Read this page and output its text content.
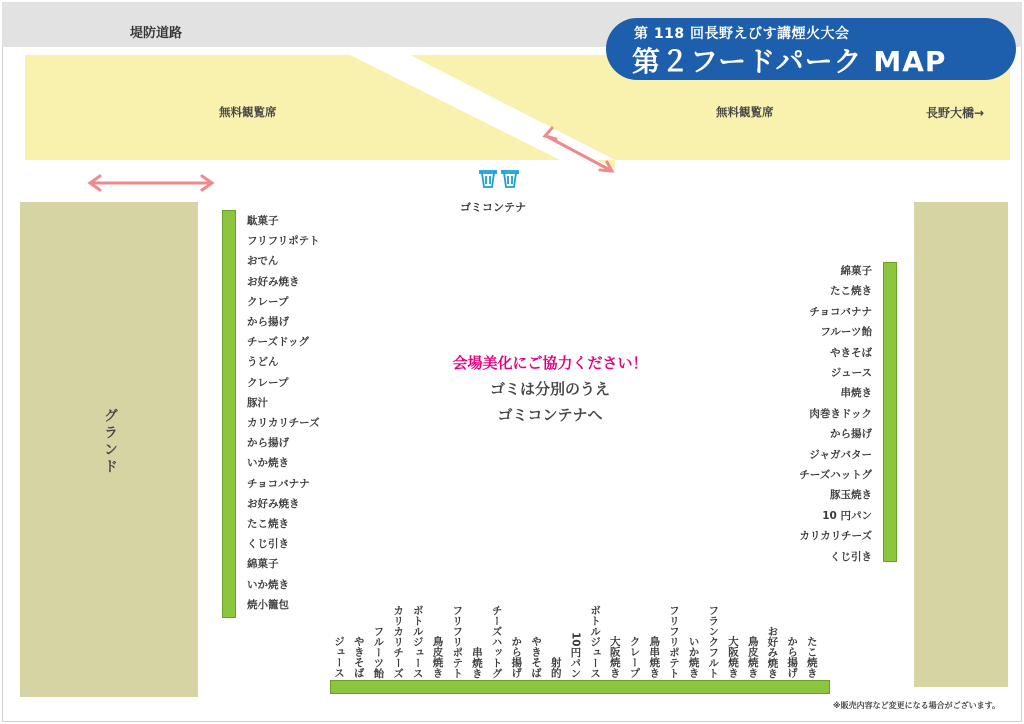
堤防道路
無料観覧席	無料観覧席	長野大橋→
第 118 回長野えびす講煙火大会
第２フードパーク MAP
ゴミコンテナ
グランド
駄菓子
フリフリポテト
おでん
お好み焼き
クレープ
から揚げ
チーズドッグ
うどん
クレープ
豚汁
カリカリチーズ
から揚げ
いか焼き
チョコバナナ
お好み焼き
たこ焼き
くじ引き
綿菓子
いか焼き
焼小籠包
綿菓子
たこ焼き
チョコバナナ
フルーツ飴
やきそば
ジュース
串焼き
肉巻きドック
から揚げ
ジャガバター
チーズハットグ
豚玉焼き
10 円パン
カリカリチーズ
くじ引き
ジュース やきそば フルーツ飴 カリカリチーズ ボトルジュース 鳥皮焼き フリフリポテト 串焼き チーズハットグ から揚げ やきそば 射的 10円パン ボトルジュース 大阪焼き クレープ 鳥串焼き フリフリポテト いか焼き フランクフルト 大阪焼き 鳥皮焼き お好み焼き から揚げ たこ焼き
会場美化にご協力ください！
ゴミは分別のうえ
ゴミコンテナへ
※販売内容など変更になる場合がございます。
